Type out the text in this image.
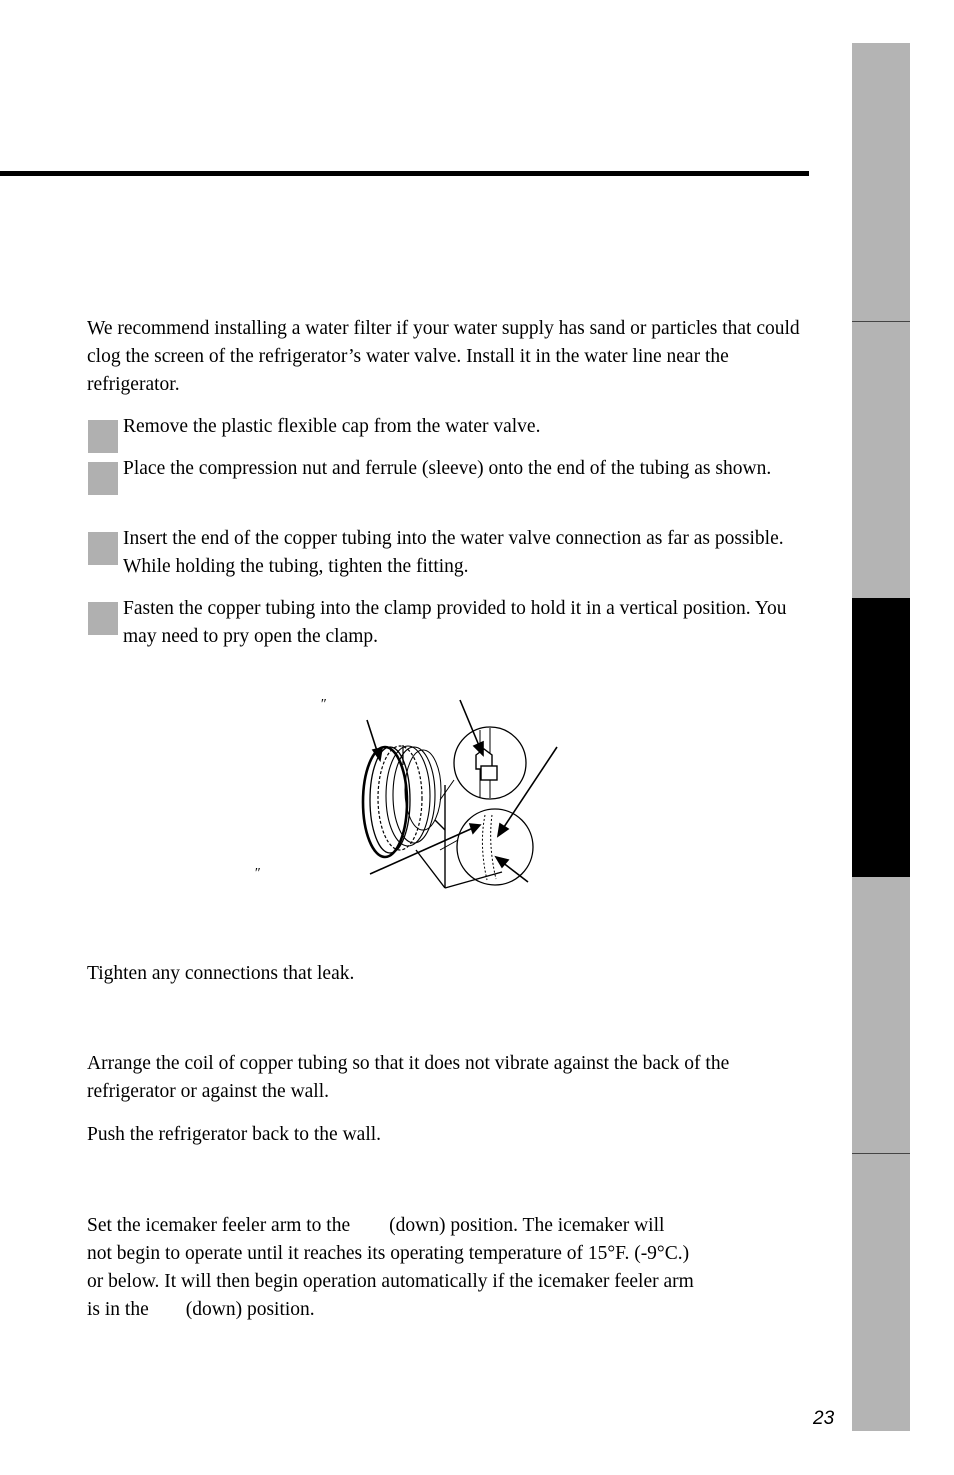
We recommend installing a water filter if your water supply has sand or particles that could clog the screen of the refrigerator’s water valve. Install it in the water line near the refrigerator.

Remove the plastic flexible cap from the water valve.

Place the compression nut and ferrule (sleeve) onto the end of the tubing as shown.

Insert the end of the copper tubing into the water valve connection as far as possible. While holding the tubing, tighten the fitting.

Fasten the copper tubing into the clamp provided to hold it in a vertical position. You may need to pry open the clamp.

″
″

Tighten any connections that leak.

Arrange the coil of copper tubing so that it does not vibrate against the back of the refrigerator or against the wall.

Push the refrigerator back to the wall.

Set the icemaker feeler arm to the (down) position. The icemaker will
not begin to operate until it reaches its operating temperature of 15°F. (-9°C.)
or below. It will then begin operation automatically if the icemaker feeler arm
is in the (down) position.
23
